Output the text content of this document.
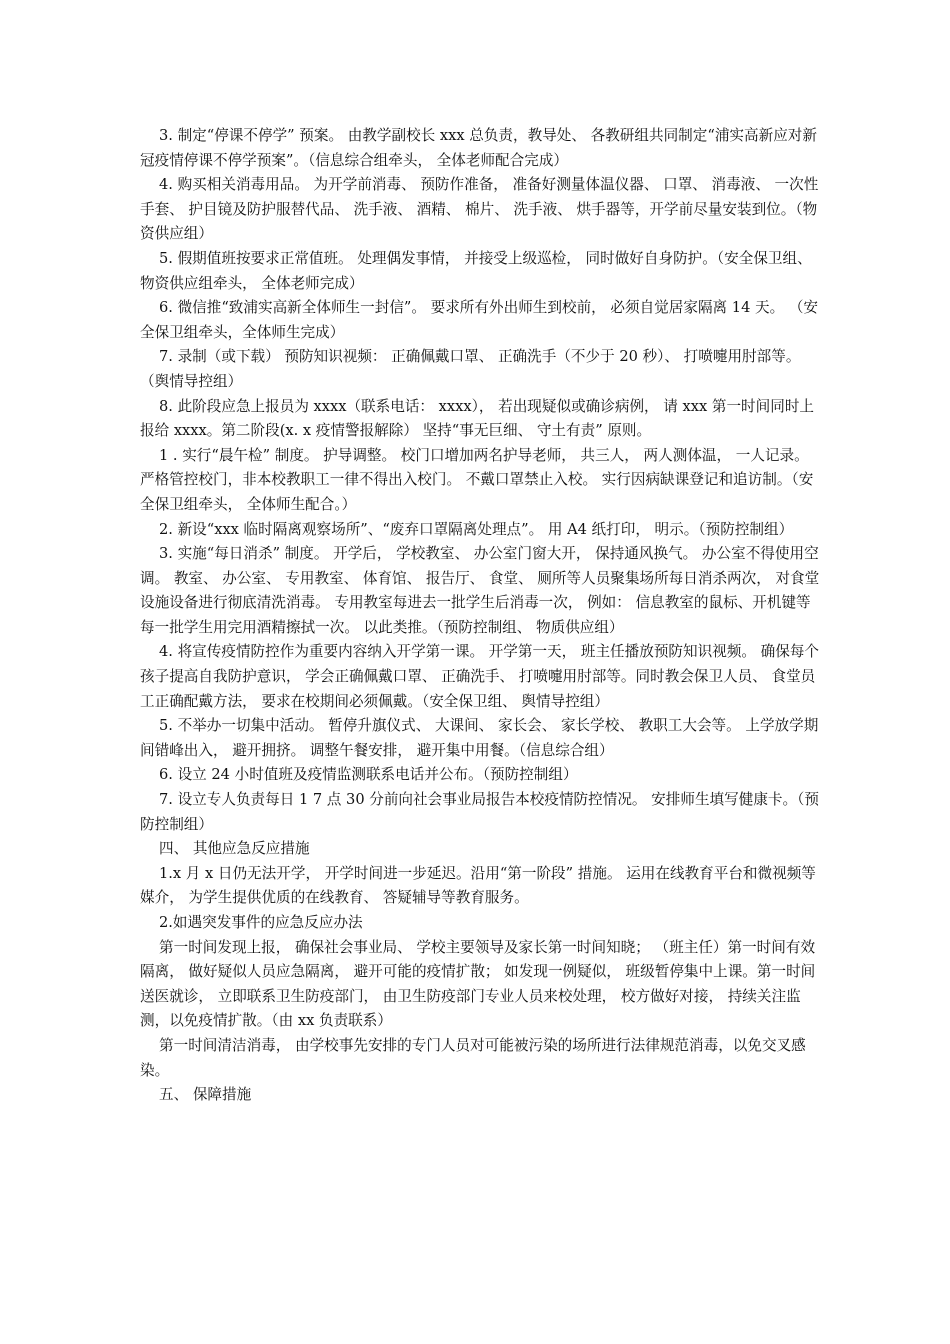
3. 制定“停课不停学” 预案。 由教学副校长 xxx 总负责，教导处、 各教研组共同制定“浦实高新应对新冠疫情停课不停学预案”。（信息综合组牵头， 全体老师配合完成）

4. 购买相关消毒用品。 为开学前消毒、 预防作准备， 准备好测量体温仪器、 口罩、 消毒液、 一次性手套、 护目镜及防护服替代品、 洗手液、 酒精、 棉片、 洗手液、 烘手器等，开学前尽量安装到位。（物资供应组）

5. 假期值班按要求正常值班。 处理偶发事情， 并接受上级巡检， 同时做好自身防护。（安全保卫组、 物资供应组牵头， 全体老师完成）

6. 微信推“致浦实高新全体师生一封信”。 要求所有外出师生到校前， 必须自觉居家隔离 14 天。 （安全保卫组牵头，全体师生完成）

7. 录制（或下载） 预防知识视频： 正确佩戴口罩、 正确洗手（不少于 20 秒）、 打喷嚏用肘部等。（舆情导控组）

8. 此阶段应急上报员为 xxxx（联系电话： xxxx）， 若出现疑似或确诊病例， 请 xxx 第一时间同时上报给 xxxx。第二阶段(x. x 疫情警报解除） 坚持“事无巨细、 守土有责” 原则。

1 . 实行“晨午检” 制度。 护导调整。 校门口增加两名护导老师， 共三人， 两人测体温， 一人记录。 严格管控校门，非本校教职工一律不得出入校门。 不戴口罩禁止入校。 实行因病缺课登记和追访制。（安全保卫组牵头， 全体师生配合。）

2. 新设“xxx 临时隔离观察场所”、“废弃口罩隔离处理点”。 用 A4 纸打印， 明示。（预防控制组）

3. 实施“每日消杀” 制度。 开学后， 学校教室、 办公室门窗大开， 保持通风换气。 办公室不得使用空调。 教室、 办公室、 专用教室、 体育馆、 报告厅、 食堂、 厕所等人员聚集场所每日消杀两次， 对食堂设施设备进行彻底清洗消毒。 专用教室每进去一批学生后消毒一次， 例如： 信息教室的鼠标、开机键等每一批学生用完用酒精擦拭一次。 以此类推。（预防控制组、 物质供应组）

4. 将宣传疫情防控作为重要内容纳入开学第一课。 开学第一天， 班主任播放预防知识视频。 确保每个孩子提高自我防护意识， 学会正确佩戴口罩、 正确洗手、 打喷嚏用肘部等。同时教会保卫人员、 食堂员工正确配戴方法， 要求在校期间必须佩戴。（安全保卫组、 舆情导控组）

5. 不举办一切集中活动。 暂停升旗仪式、 大课间、 家长会、 家长学校、 教职工大会等。 上学放学期间错峰出入， 避开拥挤。 调整午餐安排， 避开集中用餐。（信息综合组）

6. 设立 24 小时值班及疫情监测联系电话并公布。（预防控制组）

7. 设立专人负责每日 1 7 点 30 分前向社会事业局报告本校疫情防控情况。 安排师生填写健康卡。（预防控制组）

四、 其他应急反应措施

1.x 月 x 日仍无法开学， 开学时间进一步延迟。沿用“第一阶段” 措施。 运用在线教育平台和微视频等媒介， 为学生提供优质的在线教育、 答疑辅导等教育服务。

2.如遇突发事件的应急反应办法

第一时间发现上报， 确保社会事业局、 学校主要领导及家长第一时间知晓； （班主任）第一时间有效隔离， 做好疑似人员应急隔离， 避开可能的疫情扩散； 如发现一例疑似， 班级暂停集中上课。第一时间送医就诊， 立即联系卫生防疫部门， 由卫生防疫部门专业人员来校处理， 校方做好对接， 持续关注监测，以免疫情扩散。（由 xx 负责联系）

第一时间清洁消毒， 由学校事先安排的专门人员对可能被污染的场所进行法律规范消毒，以免交叉感染。

五、 保障措施
